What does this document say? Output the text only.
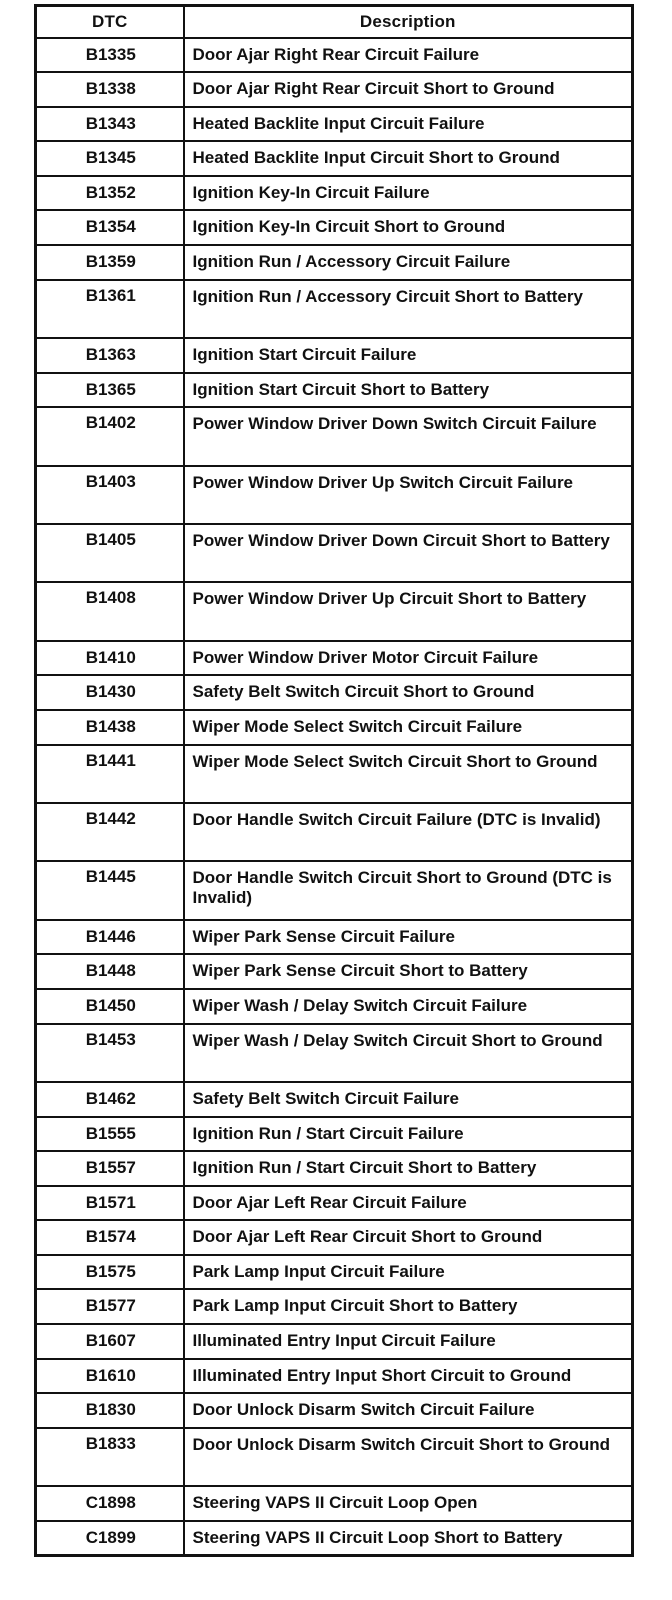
DTC	Description
B1335	Door Ajar Right Rear Circuit Failure
B1338	Door Ajar Right Rear Circuit Short to Ground
B1343	Heated Backlite Input Circuit Failure
B1345	Heated Backlite Input Circuit Short to Ground
B1352	Ignition Key-In Circuit Failure
B1354	Ignition Key-In Circuit Short to Ground
B1359	Ignition Run / Accessory Circuit Failure
B1361	Ignition Run / Accessory Circuit Short to Battery
B1363	Ignition Start Circuit Failure
B1365	Ignition Start Circuit Short to Battery
B1402	Power Window Driver Down Switch Circuit Failure
B1403	Power Window Driver Up Switch Circuit Failure
B1405	Power Window Driver Down Circuit Short to Battery
B1408	Power Window Driver Up Circuit Short to Battery
B1410	Power Window Driver Motor Circuit Failure
B1430	Safety Belt Switch Circuit Short to Ground
B1438	Wiper Mode Select Switch Circuit Failure
B1441	Wiper Mode Select Switch Circuit Short to Ground
B1442	Door Handle Switch Circuit Failure (DTC is Invalid)
B1445	Door Handle Switch Circuit Short to Ground (DTC is Invalid)
B1446	Wiper Park Sense Circuit Failure
B1448	Wiper Park Sense Circuit Short to Battery
B1450	Wiper Wash / Delay Switch Circuit Failure
B1453	Wiper Wash / Delay Switch Circuit Short to Ground
B1462	Safety Belt Switch Circuit Failure
B1555	Ignition Run / Start Circuit Failure
B1557	Ignition Run / Start Circuit Short to Battery
B1571	Door Ajar Left Rear Circuit Failure
B1574	Door Ajar Left Rear Circuit Short to Ground
B1575	Park Lamp Input Circuit Failure
B1577	Park Lamp Input Circuit Short to Battery
B1607	Illuminated Entry Input Circuit Failure
B1610	Illuminated Entry Input Short Circuit to Ground
B1830	Door Unlock Disarm Switch Circuit Failure
B1833	Door Unlock Disarm Switch Circuit Short to Ground
C1898	Steering VAPS II Circuit Loop Open
C1899	Steering VAPS II Circuit Loop Short to Battery
